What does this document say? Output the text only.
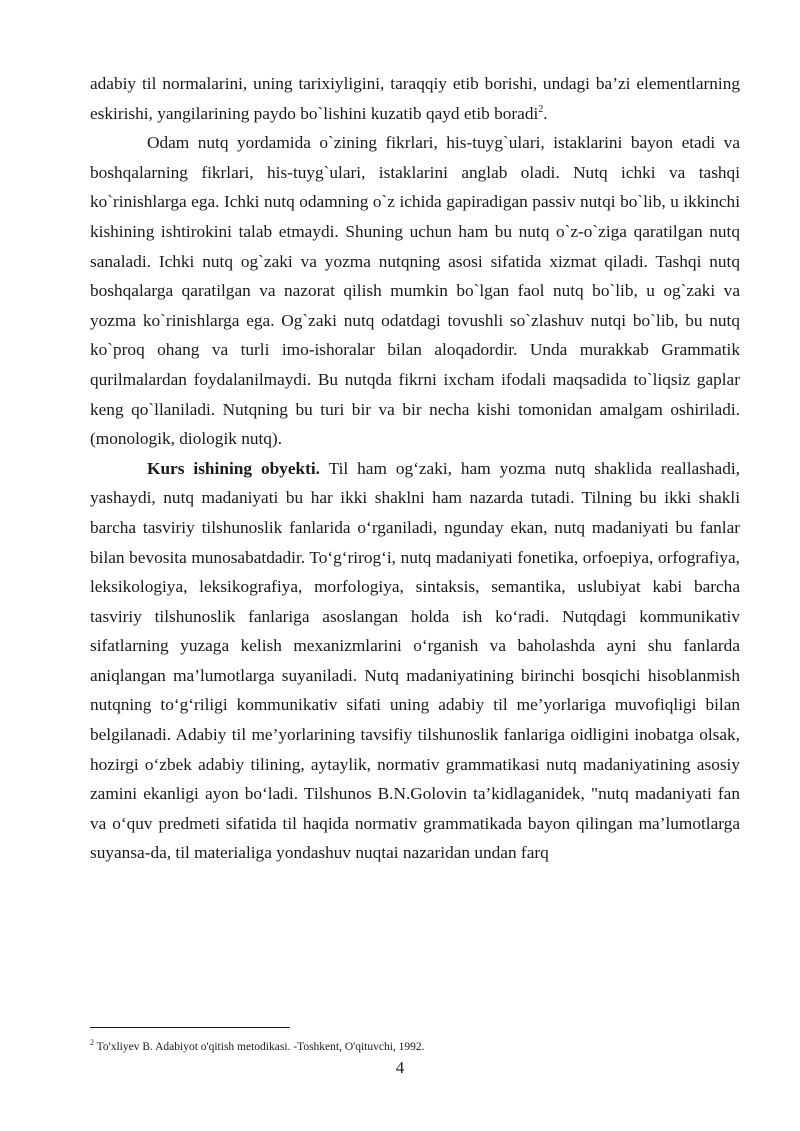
adabiy til normalarini, uning tarixiyligini, taraqqiy etib borishi, undagi ba’zi elementlarning eskirishi, yangilarining paydo bo`lishini kuzatib qayd etib boradi$^2$.

Odam nutq yordamida o`zining fikrlari, his-tuyg`ulari, istaklarini bayon etadi va boshqalarning fikrlari, his-tuyg`ulari, istaklarini anglab oladi. Nutq ichki va tashqi ko`rinishlarga ega. Ichki nutq odamning o`z ichida gapiradigan passiv nutqi bo`lib, u ikkinchi kishining ishtirokini talab etmaydi. Shuning uchun ham bu nutq o`z-o`ziga qaratilgan nutq sanaladi. Ichki nutq og`zaki va yozma nutqning asosi sifatida xizmat qiladi. Tashqi nutq boshqalarga qaratilgan va nazorat qilish mumkin bo`lgan faol nutq bo`lib, u og`zaki va yozma ko`rinishlarga ega. Og`zaki nutq odatdagi tovushli so`zlashuv nutqi bo`lib, bu nutq ko`proq ohang va turli imo-ishoralar bilan aloqadordir. Unda murakkab Grammatik qurilmalardan foydalanilmaydi. Bu nutqda fikrni ixcham ifodali maqsadida to`liqsiz gaplar keng qo`llaniladi. Nutqning bu turi bir va bir necha kishi tomonidan amalgam oshiriladi. (monologik, diologik nutq).

Kurs ishining obyekti. Til ham og‘zaki, ham yozma nutq shaklida reallashadi, yashaydi, nutq madaniyati bu har ikki shaklni ham nazarda tutadi. Tilning bu ikki shakli barcha tasviriy tilshunoslik fanlarida o‘rganiladi, ngunday ekan, nutq madaniyati bu fanlar bilan bevosita munosabatdadir. To‘g‘rirog‘i, nutq madaniyati fonetika, orfoepiya, orfografiya, leksikologiya, leksikografiya, morfologiya, sintaksis, semantika, uslubiyat kabi barcha tasviriy tilshunoslik fanlariga asoslangan holda ish ko‘radi. Nutqdagi kommunikativ sifatlarning yuzaga kelish mexanizmlarini o‘rganish va baholashda ayni shu fanlarda aniqlangan ma’lumotlarga suyaniladi. Nutq madaniyatining birinchi bosqichi hisoblanmish nutqning to‘g‘riligi kommunikativ sifati uning adabiy til me’yorlariga muvofiqligi bilan belgilanadi. Adabiy til me’yorlarining tavsifiy tilshunoslik fanlariga oidligini inobatga olsak, hozirgi o‘zbek adabiy tilining, aytaylik, normativ grammatikasi nutq madaniyatining asosiy zamini ekanligi ayon bo‘ladi. Tilshunos B.N.Golovin ta’kidlaganidek, "nutq madaniyati fan va o‘quv predmeti sifatida til haqida normativ grammatikada bayon qilingan ma’lumotlarga suyansa-da, til materialiga yondashuv nuqtai nazaridan undan farq

$^2$ To'xliyev B. Adabiyot o'qitish metodikasi. -Toshkent, O'qituvchi, 1992.
4
